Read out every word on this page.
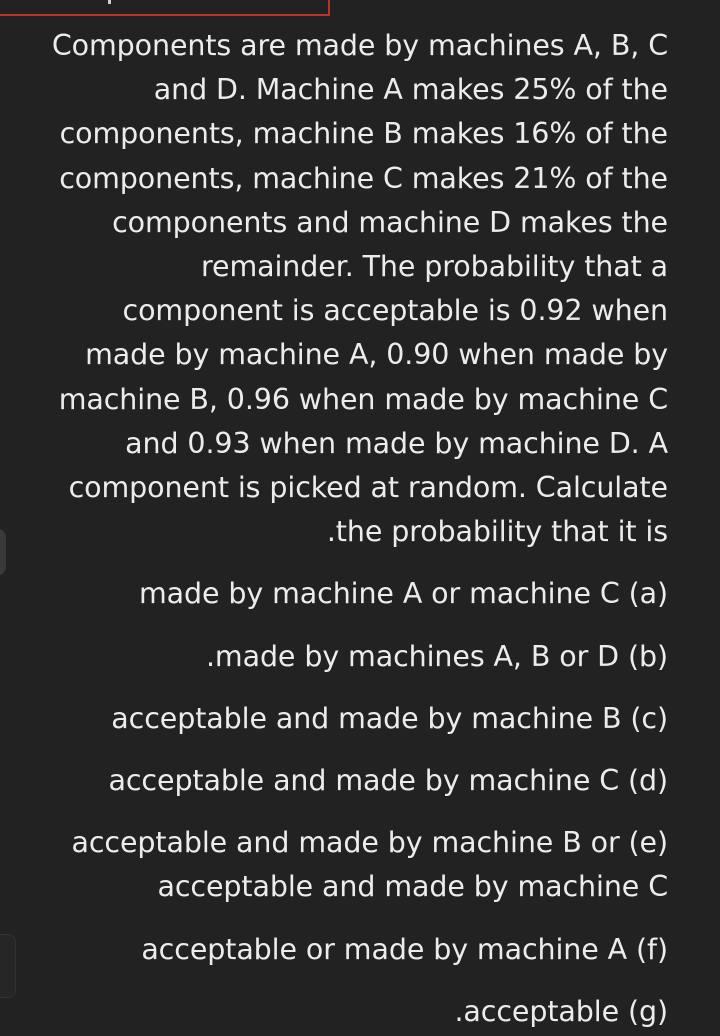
Components are made by machines A, B, C
and D. Machine A makes 25% of the
components, machine B makes 16% of the
components, machine C makes 21% of the
components and machine D makes the
remainder. The probability that a
component is acceptable is 0.92 when
made by machine A, 0.90 when made by
machine B, 0.96 when made by machine C
and 0.93 when made by machine D. A
component is picked at random. Calculate
.the probability that it is
made by machine A or machine C (a)
.made by machines A, B or D (b)
acceptable and made by machine B (c)
acceptable and made by machine C (d)
acceptable and made by machine B or (e)
acceptable and made by machine C
acceptable or made by machine A (f)
.acceptable (g)
